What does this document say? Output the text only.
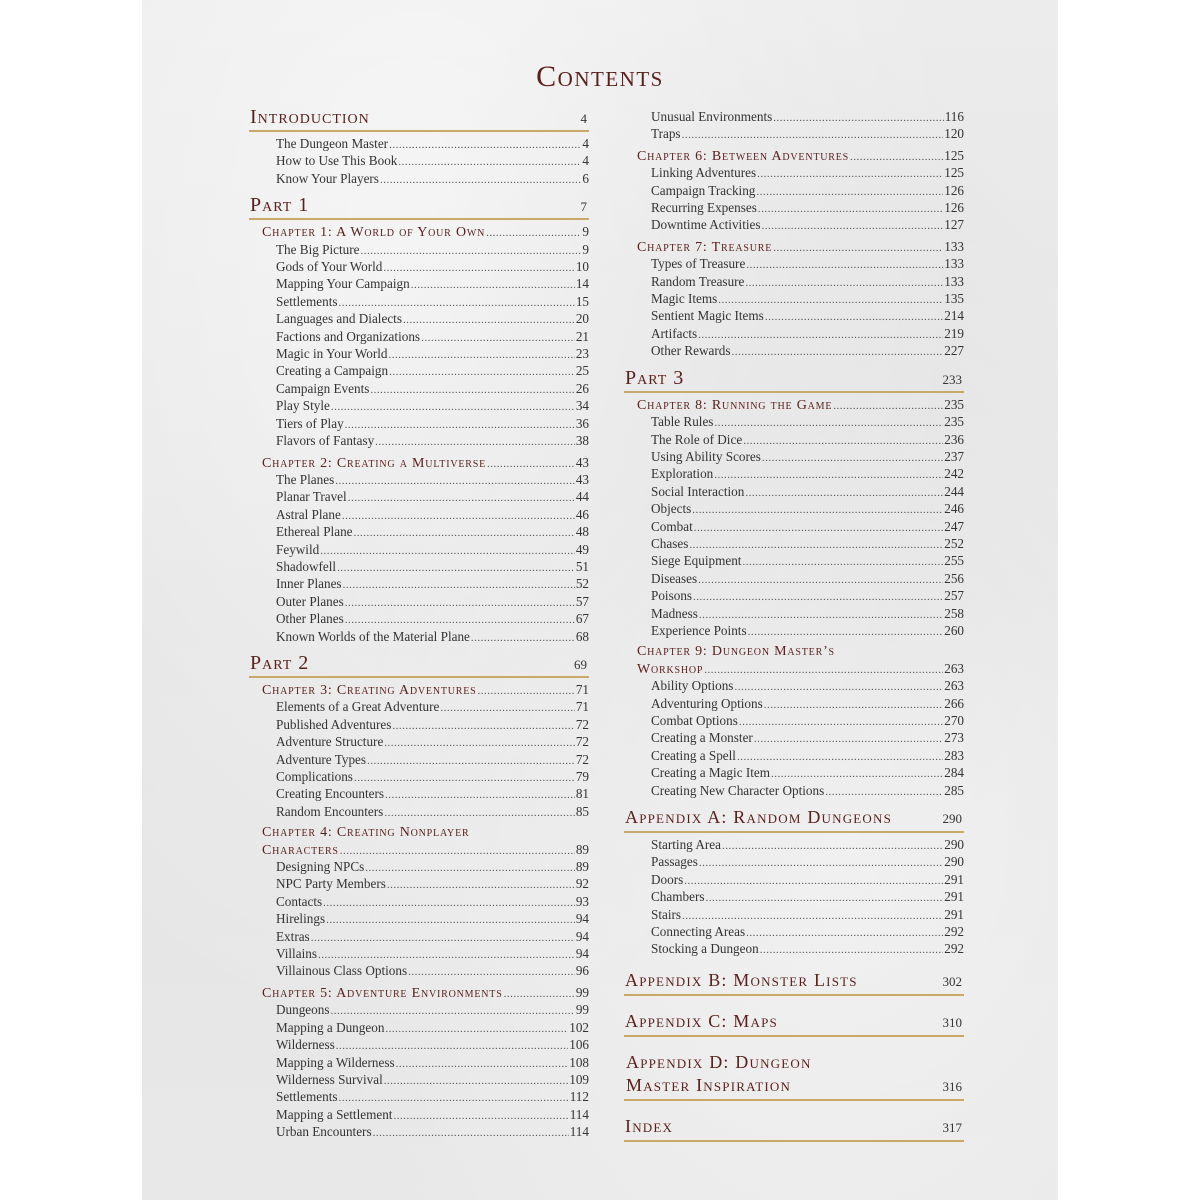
Contents
Introduction	4
The Dungeon Master .....	4
How to Use This Book .....	4
Know Your Players .....	6
Part 1	7
Chapter 1: A World of Your Own .....	9
The Big Picture .....	9
Gods of Your World .....	10
Mapping Your Campaign .....	14
Settlements .....	15
Languages and Dialects .....	20
Factions and Organizations .....	21
Magic in Your World .....	23
Creating a Campaign .....	25
Campaign Events .....	26
Play Style .....	34
Tiers of Play .....	36
Flavors of Fantasy .....	38
Chapter 2: Creating a Multiverse .....	43
The Planes .....	43
Planar Travel .....	44
Astral Plane .....	46
Ethereal Plane .....	48
Feywild .....	49
Shadowfell .....	51
Inner Planes .....	52
Outer Planes .....	57
Other Planes .....	67
Known Worlds of the Material Plane .....	68
Part 2	69
Chapter 3: Creating Adventures .....	71
Elements of a Great Adventure .....	71
Published Adventures .....	72
Adventure Structure .....	72
Adventure Types .....	72
Complications .....	79
Creating Encounters .....	81
Random Encounters .....	85
Chapter 4: Creating Nonplayer
Characters .....	89
Designing NPCs .....	89
NPC Party Members .....	92
Contacts .....	93
Hirelings .....	94
Extras .....	94
Villains .....	94
Villainous Class Options .....	96
Chapter 5: Adventure Environments .....	99
Dungeons .....	99
Mapping a Dungeon .....	102
Wilderness .....	106
Mapping a Wilderness .....	108
Wilderness Survival .....	109
Settlements .....	112
Mapping a Settlement .....	114
Urban Encounters .....	114
Unusual Environments .....	116
Traps .....	120
Chapter 6: Between Adventures .....	125
Linking Adventures .....	125
Campaign Tracking .....	126
Recurring Expenses .....	126
Downtime Activities .....	127
Chapter 7: Treasure .....	133
Types of Treasure .....	133
Random Treasure .....	133
Magic Items .....	135
Sentient Magic Items .....	214
Artifacts .....	219
Other Rewards .....	227
Part 3	233
Chapter 8: Running the Game .....	235
Table Rules .....	235
The Role of Dice .....	236
Using Ability Scores .....	237
Exploration .....	242
Social Interaction .....	244
Objects .....	246
Combat .....	247
Chases .....	252
Siege Equipment .....	255
Diseases .....	256
Poisons .....	257
Madness .....	258
Experience Points .....	260
Chapter 9: Dungeon Master’s
Workshop .....	263
Ability Options .....	263
Adventuring Options .....	266
Combat Options .....	270
Creating a Monster .....	273
Creating a Spell .....	283
Creating a Magic Item .....	284
Creating New Character Options .....	285
Appendix A: Random Dungeons	290
Starting Area .....	290
Passages .....	290
Doors .....	291
Chambers .....	291
Stairs .....	291
Connecting Areas .....	292
Stocking a Dungeon .....	292
Appendix B: Monster Lists	302
Appendix C: Maps	310
Appendix D: Dungeon
Master Inspiration	316
Index	317
